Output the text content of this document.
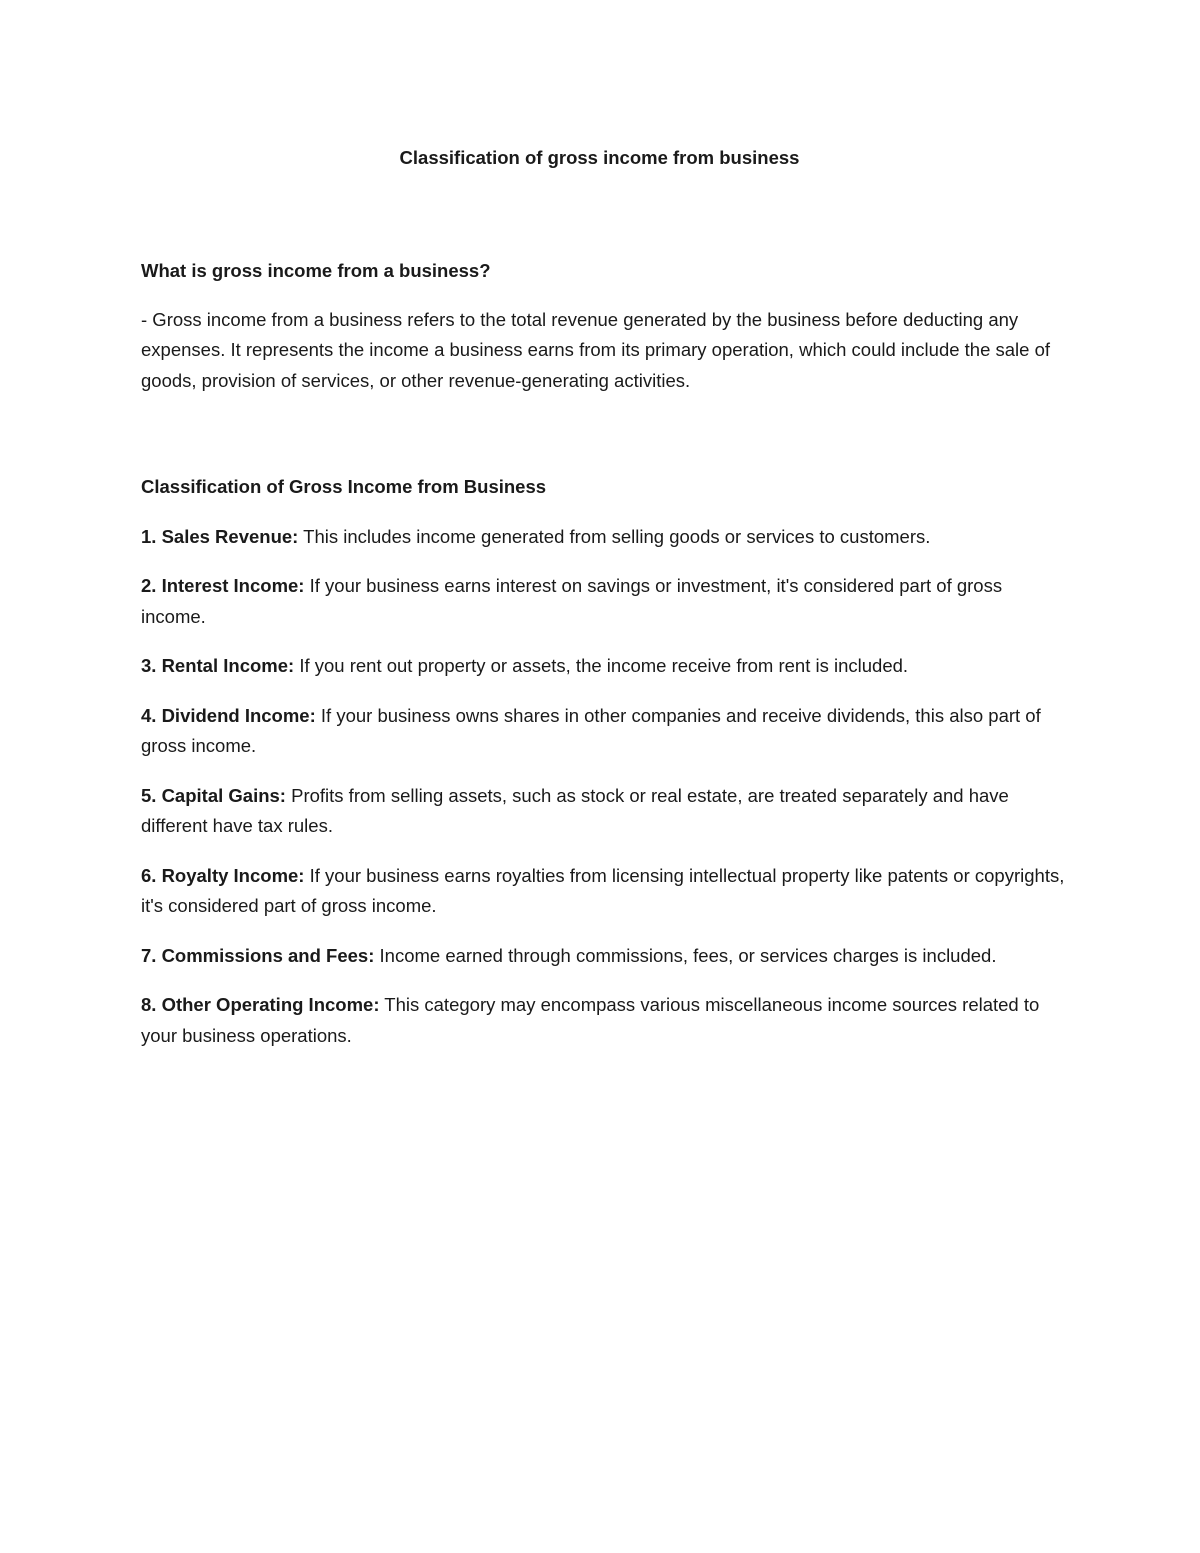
Classification of gross income from business

What is gross income from a business?

- Gross income from a business refers to the total revenue generated by the business before deducting any expenses. It represents the income a business earns from its primary operation, which could include the sale of goods, provision of services, or other revenue-generating activities.

Classification of Gross Income from Business

1. Sales Revenue: This includes income generated from selling goods or services to customers.
2. Interest Income: If your business earns interest on savings or investment, it's considered part of gross income.
3. Rental Income: If you rent out property or assets, the income receive from rent is included.
4. Dividend Income: If your business owns shares in other companies and receive dividends, this also part of gross income.
5. Capital Gains: Profits from selling assets, such as stock or real estate, are treated separately and have different have tax rules.
6. Royalty Income: If your business earns royalties from licensing intellectual property like patents or copyrights, it's considered part of gross income.
7. Commissions and Fees: Income earned through commissions, fees, or services charges is included.
8. Other Operating Income: This category may encompass various miscellaneous income sources related to your business operations.
